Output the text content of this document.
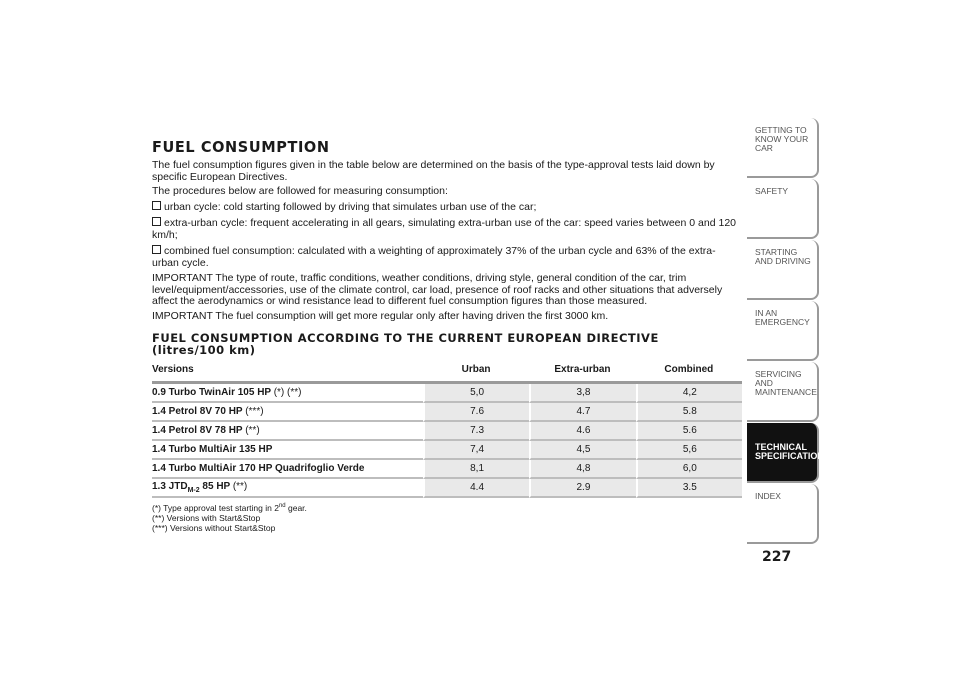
FUEL CONSUMPTION

The fuel consumption figures given in the table below are determined on the basis of the type-approval tests laid down by specific European Directives.

The procedures below are followed for measuring consumption:

urban cycle: cold starting followed by driving that simulates urban use of the car;
extra-urban cycle: frequent accelerating in all gears, simulating extra-urban use of the car: speed varies between 0 and 120 km/h;
combined fuel consumption: calculated with a weighting of approximately 37% of the urban cycle and 63% of the extra-urban cycle.

IMPORTANT The type of route, traffic conditions, weather conditions, driving style, general condition of the car, trim level/equipment/accessories, use of the climate control, car load, presence of roof racks and other situations that adversely affect the aerodynamics or wind resistance lead to different fuel consumption figures than those measured.

IMPORTANT The fuel consumption will get more regular only after having driven the first 3000 km.

FUEL CONSUMPTION ACCORDING TO THE CURRENT EUROPEAN DIRECTIVE
(litres/100 km)
Versions	Urban	Extra-urban	Combined
0.9 Turbo TwinAir 105 HP (*) (**)	5,0	3,8	4,2
1.4 Petrol 8V 70 HP (***)	7.6	4.7	5.8
1.4 Petrol 8V 78 HP (**)	7.3	4.6	5.6
1.4 Turbo MultiAir 135 HP	7,4	4,5	5,6
1.4 Turbo MultiAir 170 HP Quadrifoglio Verde	8,1	4,8	6,0
1.3 $JTD_{M-2}$ 85 HP (**)	4.4	2.9	3.5
(*) Type approval test starting in 2nd gear.
(**) Versions with Start&Stop
(***) Versions without Start&Stop
GETTING TO KNOW YOUR CAR
SAFETY
STARTING AND DRIVING
IN AN EMERGENCY
SERVICING AND MAINTENANCE
TECHNICAL SPECIFICATIONS
INDEX
227
